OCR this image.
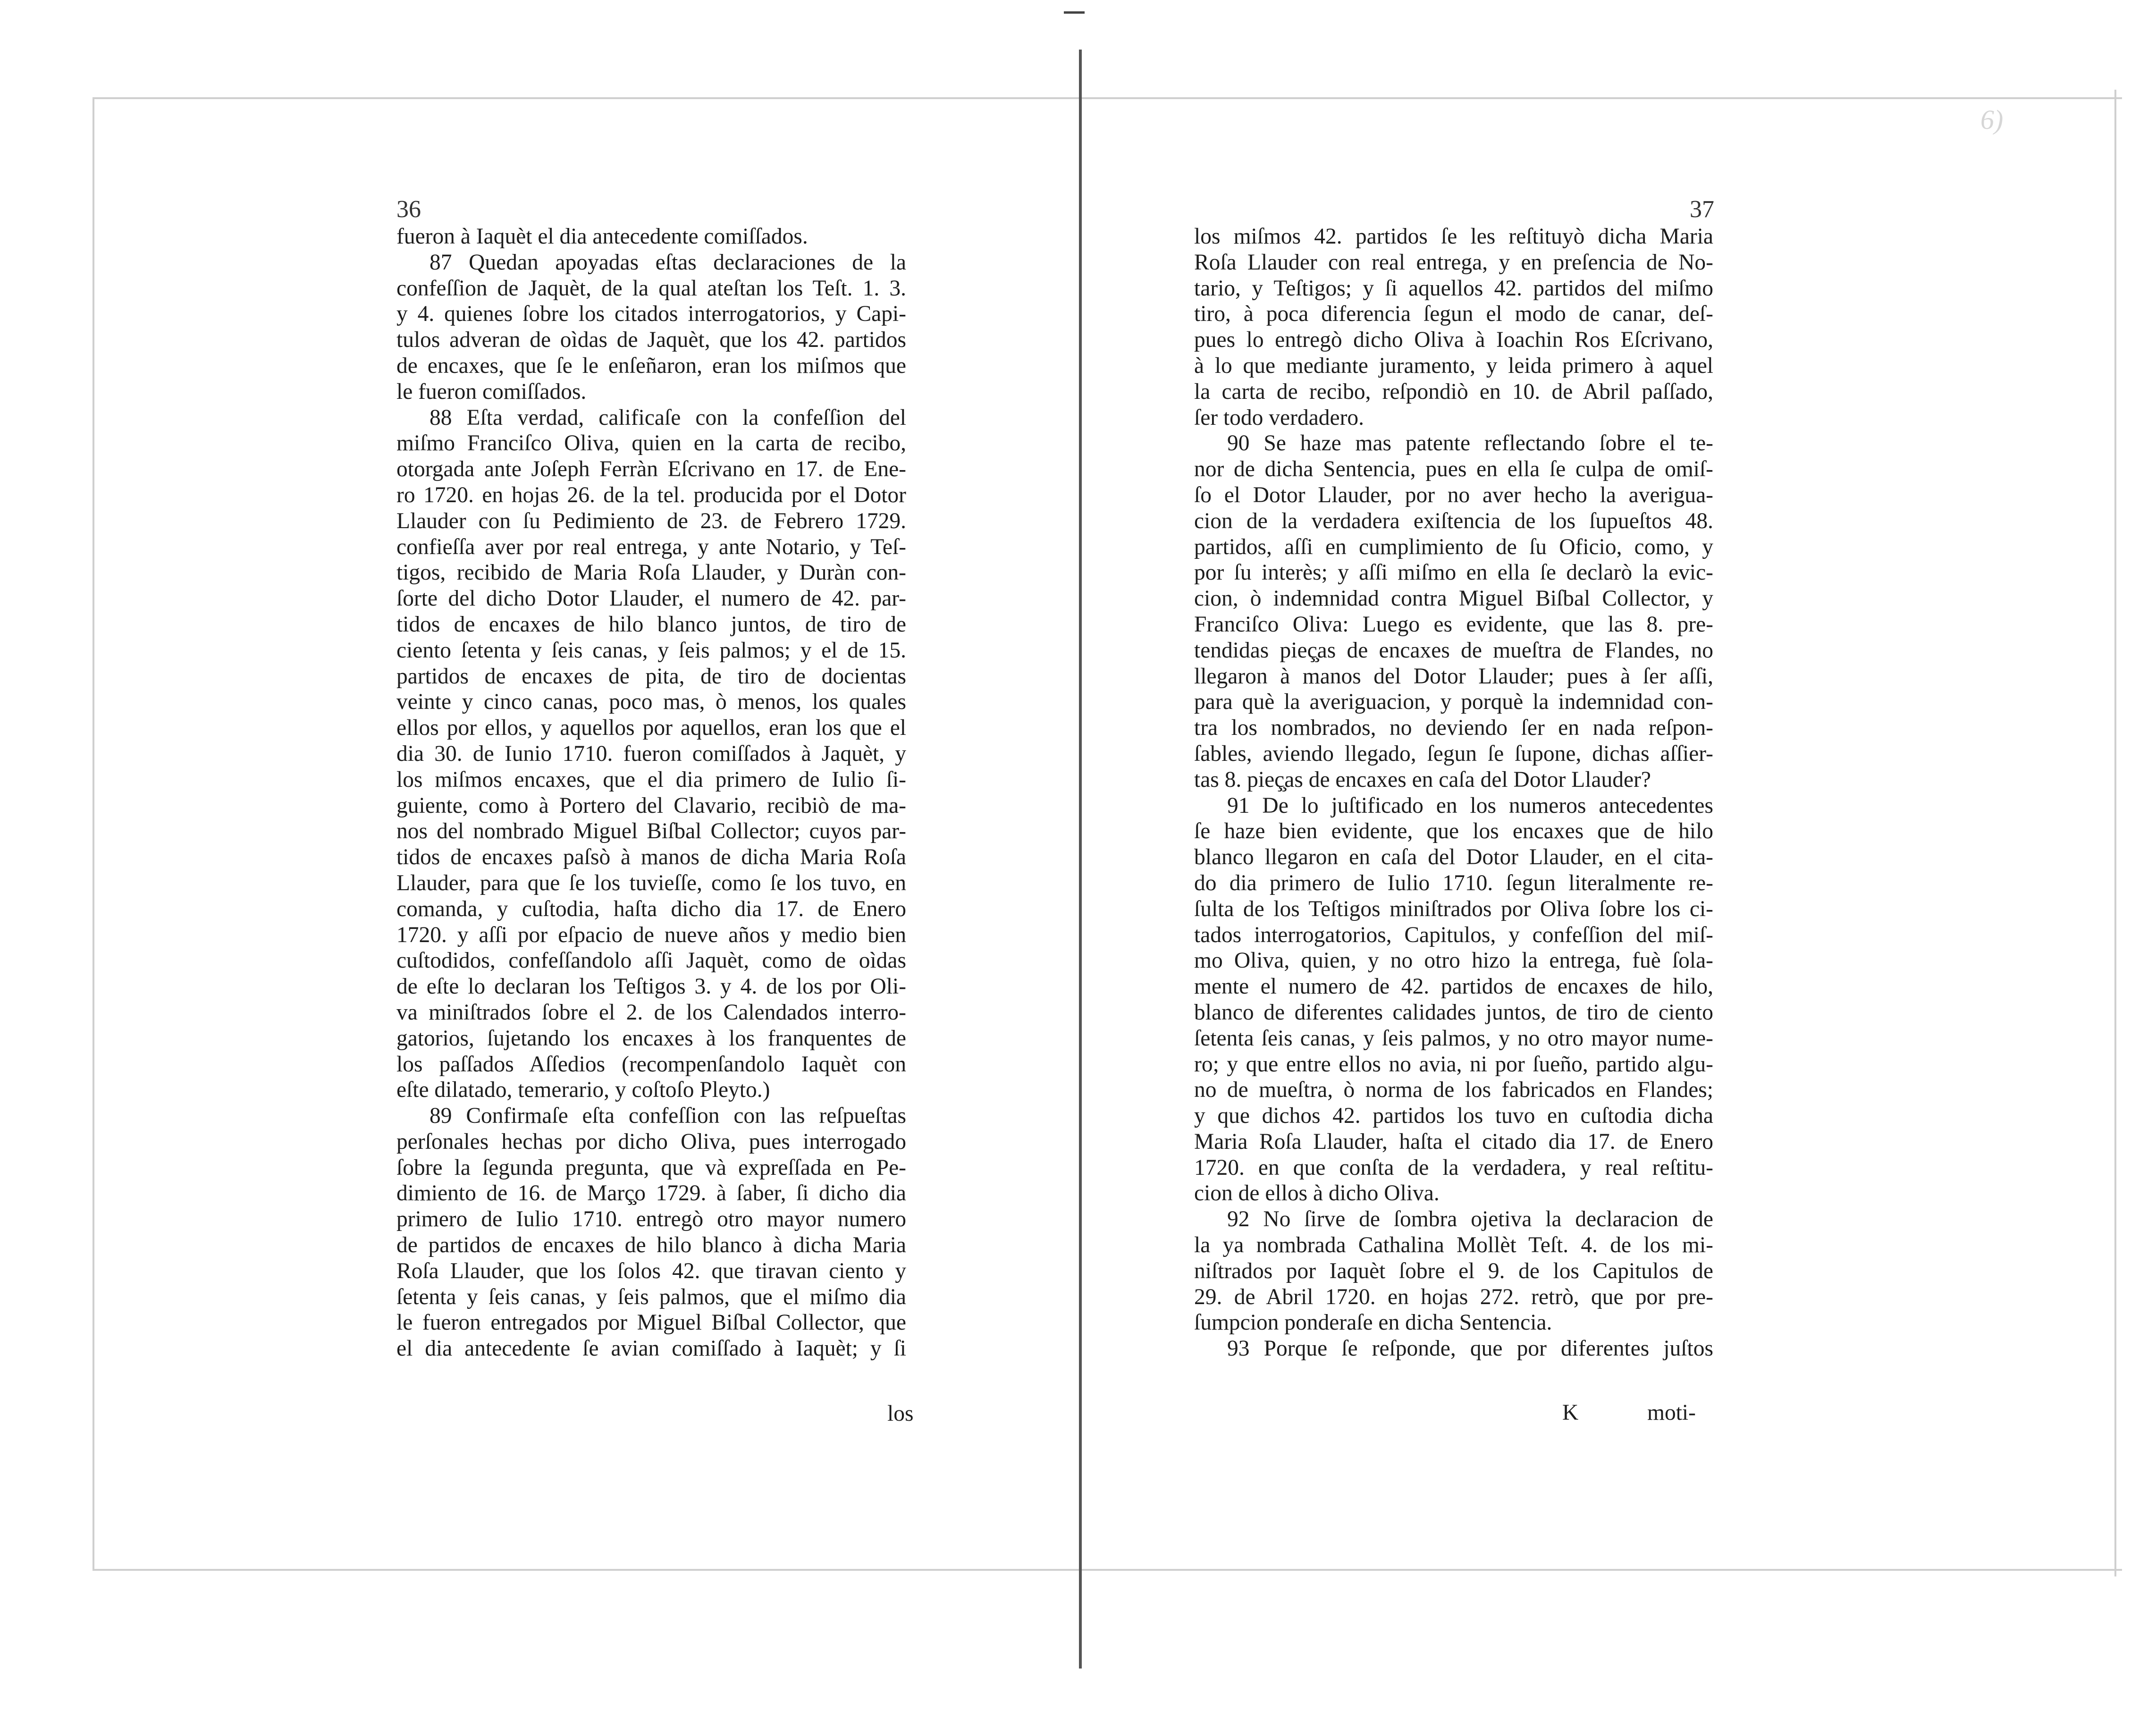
6)
36
fueron à Iaquèt el dia antecedente comiſſados.
87 Quedan apoyadas eſtas declaraciones de la
confeſſion de Jaquèt, de la qual ateſtan los Teſt. 1. 3.
y 4. quienes ſobre los citados interrogatorios, y Capi-
tulos adveran de oìdas de Jaquèt, que los 42. partidos
de encaxes, que ſe le enſeñaron, eran los miſmos que
le fueron comiſſados.
88 Eſta verdad, calificaſe con la confeſſion del
miſmo Franciſco Oliva, quien en la carta de recibo,
otorgada ante Joſeph Ferràn Eſcrivano en 17. de Ene-
ro 1720. en hojas 26. de la tel. producida por el Dotor
Llauder con ſu Pedimiento de 23. de Febrero 1729.
confieſſa aver por real entrega, y ante Notario, y Teſ-
tigos, recibido de Maria Roſa Llauder, y Duràn con-
ſorte del dicho Dotor Llauder, el numero de 42. par-
tidos de encaxes de hilo blanco juntos, de tiro de
ciento ſetenta y ſeis canas, y ſeis palmos; y el de 15.
partidos de encaxes de pita, de tiro de docientas
veinte y cinco canas, poco mas, ò menos, los quales
ellos por ellos, y aquellos por aquellos, eran los que el
dia 30. de Iunio 1710. fueron comiſſados à Jaquèt, y
los miſmos encaxes, que el dia primero de Iulio ſi-
guiente, como à Portero del Clavario, recibiò de ma-
nos del nombrado Miguel Biſbal Collector; cuyos par-
tidos de encaxes paſsò à manos de dicha Maria Roſa
Llauder, para que ſe los tuvieſſe, como ſe los tuvo, en
comanda, y cuſtodia, haſta dicho dia 17. de Enero
1720. y aſſi por eſpacio de nueve años y medio bien
cuſtodidos, confeſſandolo aſſi Jaquèt, como de oìdas
de eſte lo declaran los Teſtigos 3. y 4. de los por Oli-
va miniſtrados ſobre el 2. de los Calendados interro-
gatorios, ſujetando los encaxes à los franquentes de
los paſſados Aſſedios (recompenſandolo Iaquèt con
eſte dilatado, temerario, y coſtoſo Pleyto.)
89 Confirmaſe eſta confeſſion con las reſpueſtas
perſonales hechas por dicho Oliva, pues interrogado
ſobre la ſegunda pregunta, que và expreſſada en Pe-
dimiento de 16. de Març̧o 1729. à ſaber, ſi dicho dia
primero de Iulio 1710. entregò otro mayor numero
de partidos de encaxes de hilo blanco à dicha Maria
Roſa Llauder, que los ſolos 42. que tiravan ciento y
ſetenta y ſeis canas, y ſeis palmos, que el miſmo dia
le fueron entregados por Miguel Biſbal Collector, que
el dia antecedente ſe avian comiſſado à Iaquèt; y ſi
los
37
los miſmos 42. partidos ſe les reſtituyò dicha Maria
Roſa Llauder con real entrega, y en preſencia de No-
tario, y Teſtigos; y ſi aquellos 42. partidos del miſmo
tiro, à poca diferencia ſegun el modo de canar, deſ-
pues lo entregò dicho Oliva à Ioachin Ros Eſcrivano,
à lo que mediante juramento, y leida primero à aquel
la carta de recibo, reſpondiò en 10. de Abril paſſado,
ſer todo verdadero.
90 Se haze mas patente reflectando ſobre el te-
nor de dicha Sentencia, pues en ella ſe culpa de omiſ-
ſo el Dotor Llauder, por no aver hecho la averigua-
cion de la verdadera exiſtencia de los ſupueſtos 48.
partidos, aſſi en cumplimiento de ſu Oficio, como, y
por ſu interès; y aſſi miſmo en ella ſe declarò la evic-
cion, ò indemnidad contra Miguel Biſbal Collector, y
Franciſco Oliva: Luego es evidente, que las 8. pre-
tendidas pieç̧as de encaxes de mueſtra de Flandes, no
llegaron à manos del Dotor Llauder; pues à ſer aſſi,
para què la averiguacion, y porquè la indemnidad con-
tra los nombrados, no deviendo ſer en nada reſpon-
ſables, aviendo llegado, ſegun ſe ſupone, dichas aſſier-
tas 8. pieç̧as de encaxes en caſa del Dotor Llauder?
91 De lo juſtificado en los numeros antecedentes
ſe haze bien evidente, que los encaxes que de hilo
blanco llegaron en caſa del Dotor Llauder, en el cita-
do dia primero de Iulio 1710. ſegun literalmente re-
ſulta de los Teſtigos miniſtrados por Oliva ſobre los ci-
tados interrogatorios, Capitulos, y confeſſion del miſ-
mo Oliva, quien, y no otro hizo la entrega, fuè ſola-
mente el numero de 42. partidos de encaxes de hilo,
blanco de diferentes calidades juntos, de tiro de ciento
ſetenta ſeis canas, y ſeis palmos, y no otro mayor nume-
ro; y que entre ellos no avia, ni por ſueño, partido algu-
no de mueſtra, ò norma de los fabricados en Flandes;
y que dichos 42. partidos los tuvo en cuſtodia dicha
Maria Roſa Llauder, haſta el citado dia 17. de Enero
1720. en que conſta de la verdadera, y real reſtitu-
cion de ellos à dicho Oliva.
92 No ſirve de ſombra ojetiva la declaracion de
la ya nombrada Cathalina Mollèt Teſt. 4. de los mi-
niſtrados por Iaquèt ſobre el 9. de los Capitulos de
29. de Abril 1720. en hojas 272. retrò, que por pre-
ſumpcion ponderaſe en dicha Sentencia.
93 Porque ſe reſponde, que por diferentes juſtos
K	moti-
